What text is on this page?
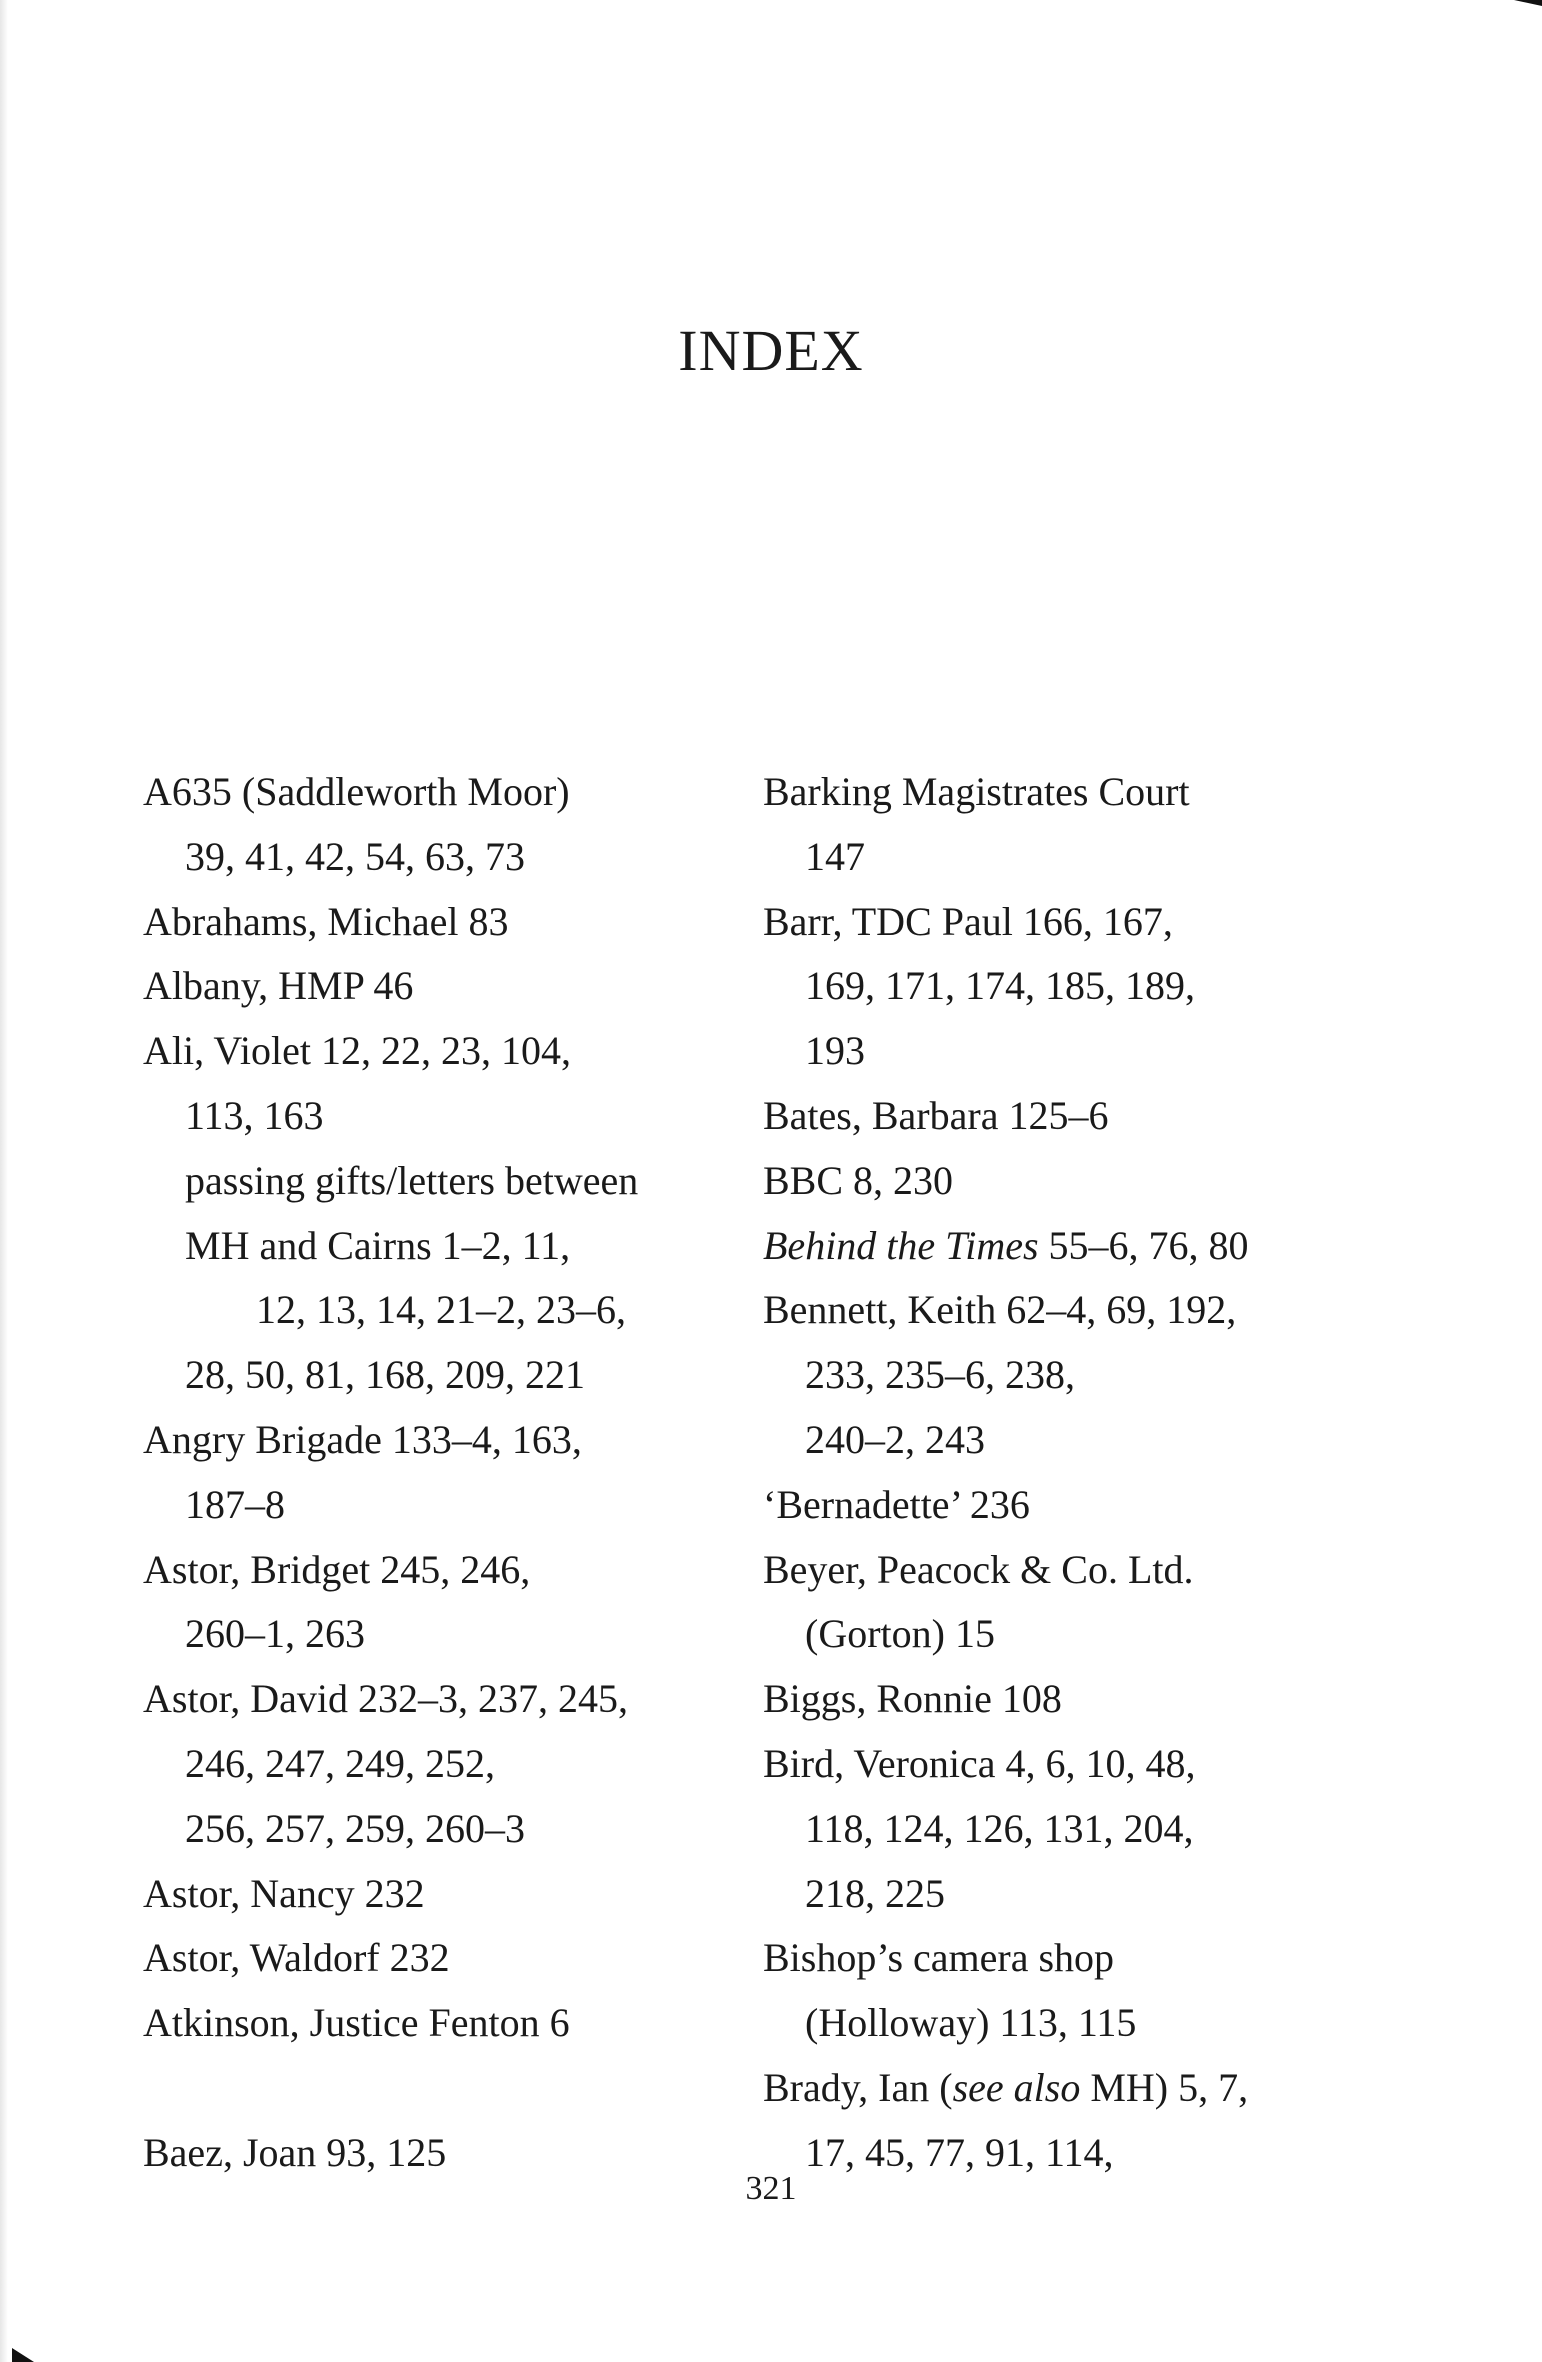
INDEX
A635 (Saddleworth Moor)
39, 41, 42, 54, 63, 73
Abrahams, Michael 83
Albany, HMP 46
Ali, Violet 12, 22, 23, 104,
113, 163
passing gifts/letters between
MH and Cairns 1–2, 11,
12, 13, 14, 21–2, 23–6,
28, 50, 81, 168, 209, 221
Angry Brigade 133–4, 163,
187–8
Astor, Bridget 245, 246,
260–1, 263
Astor, David 232–3, 237, 245,
246, 247, 249, 252,
256, 257, 259, 260–3
Astor, Nancy 232
Astor, Waldorf 232
Atkinson, Justice Fenton 6
Baez, Joan 93, 125
Barking Magistrates Court
147
Barr, TDC Paul 166, 167,
169, 171, 174, 185, 189,
193
Bates, Barbara 125–6
BBC 8, 230
Behind the Times 55–6, 76, 80
Bennett, Keith 62–4, 69, 192,
233, 235–6, 238,
240–2, 243
‘Bernadette’ 236
Beyer, Peacock & Co. Ltd.
(Gorton) 15
Biggs, Ronnie 108
Bird, Veronica 4, 6, 10, 48,
118, 124, 126, 131, 204,
218, 225
Bishop’s camera shop
(Holloway) 113, 115
Brady, Ian (see also MH) 5, 7,
17, 45, 77, 91, 114,
321
